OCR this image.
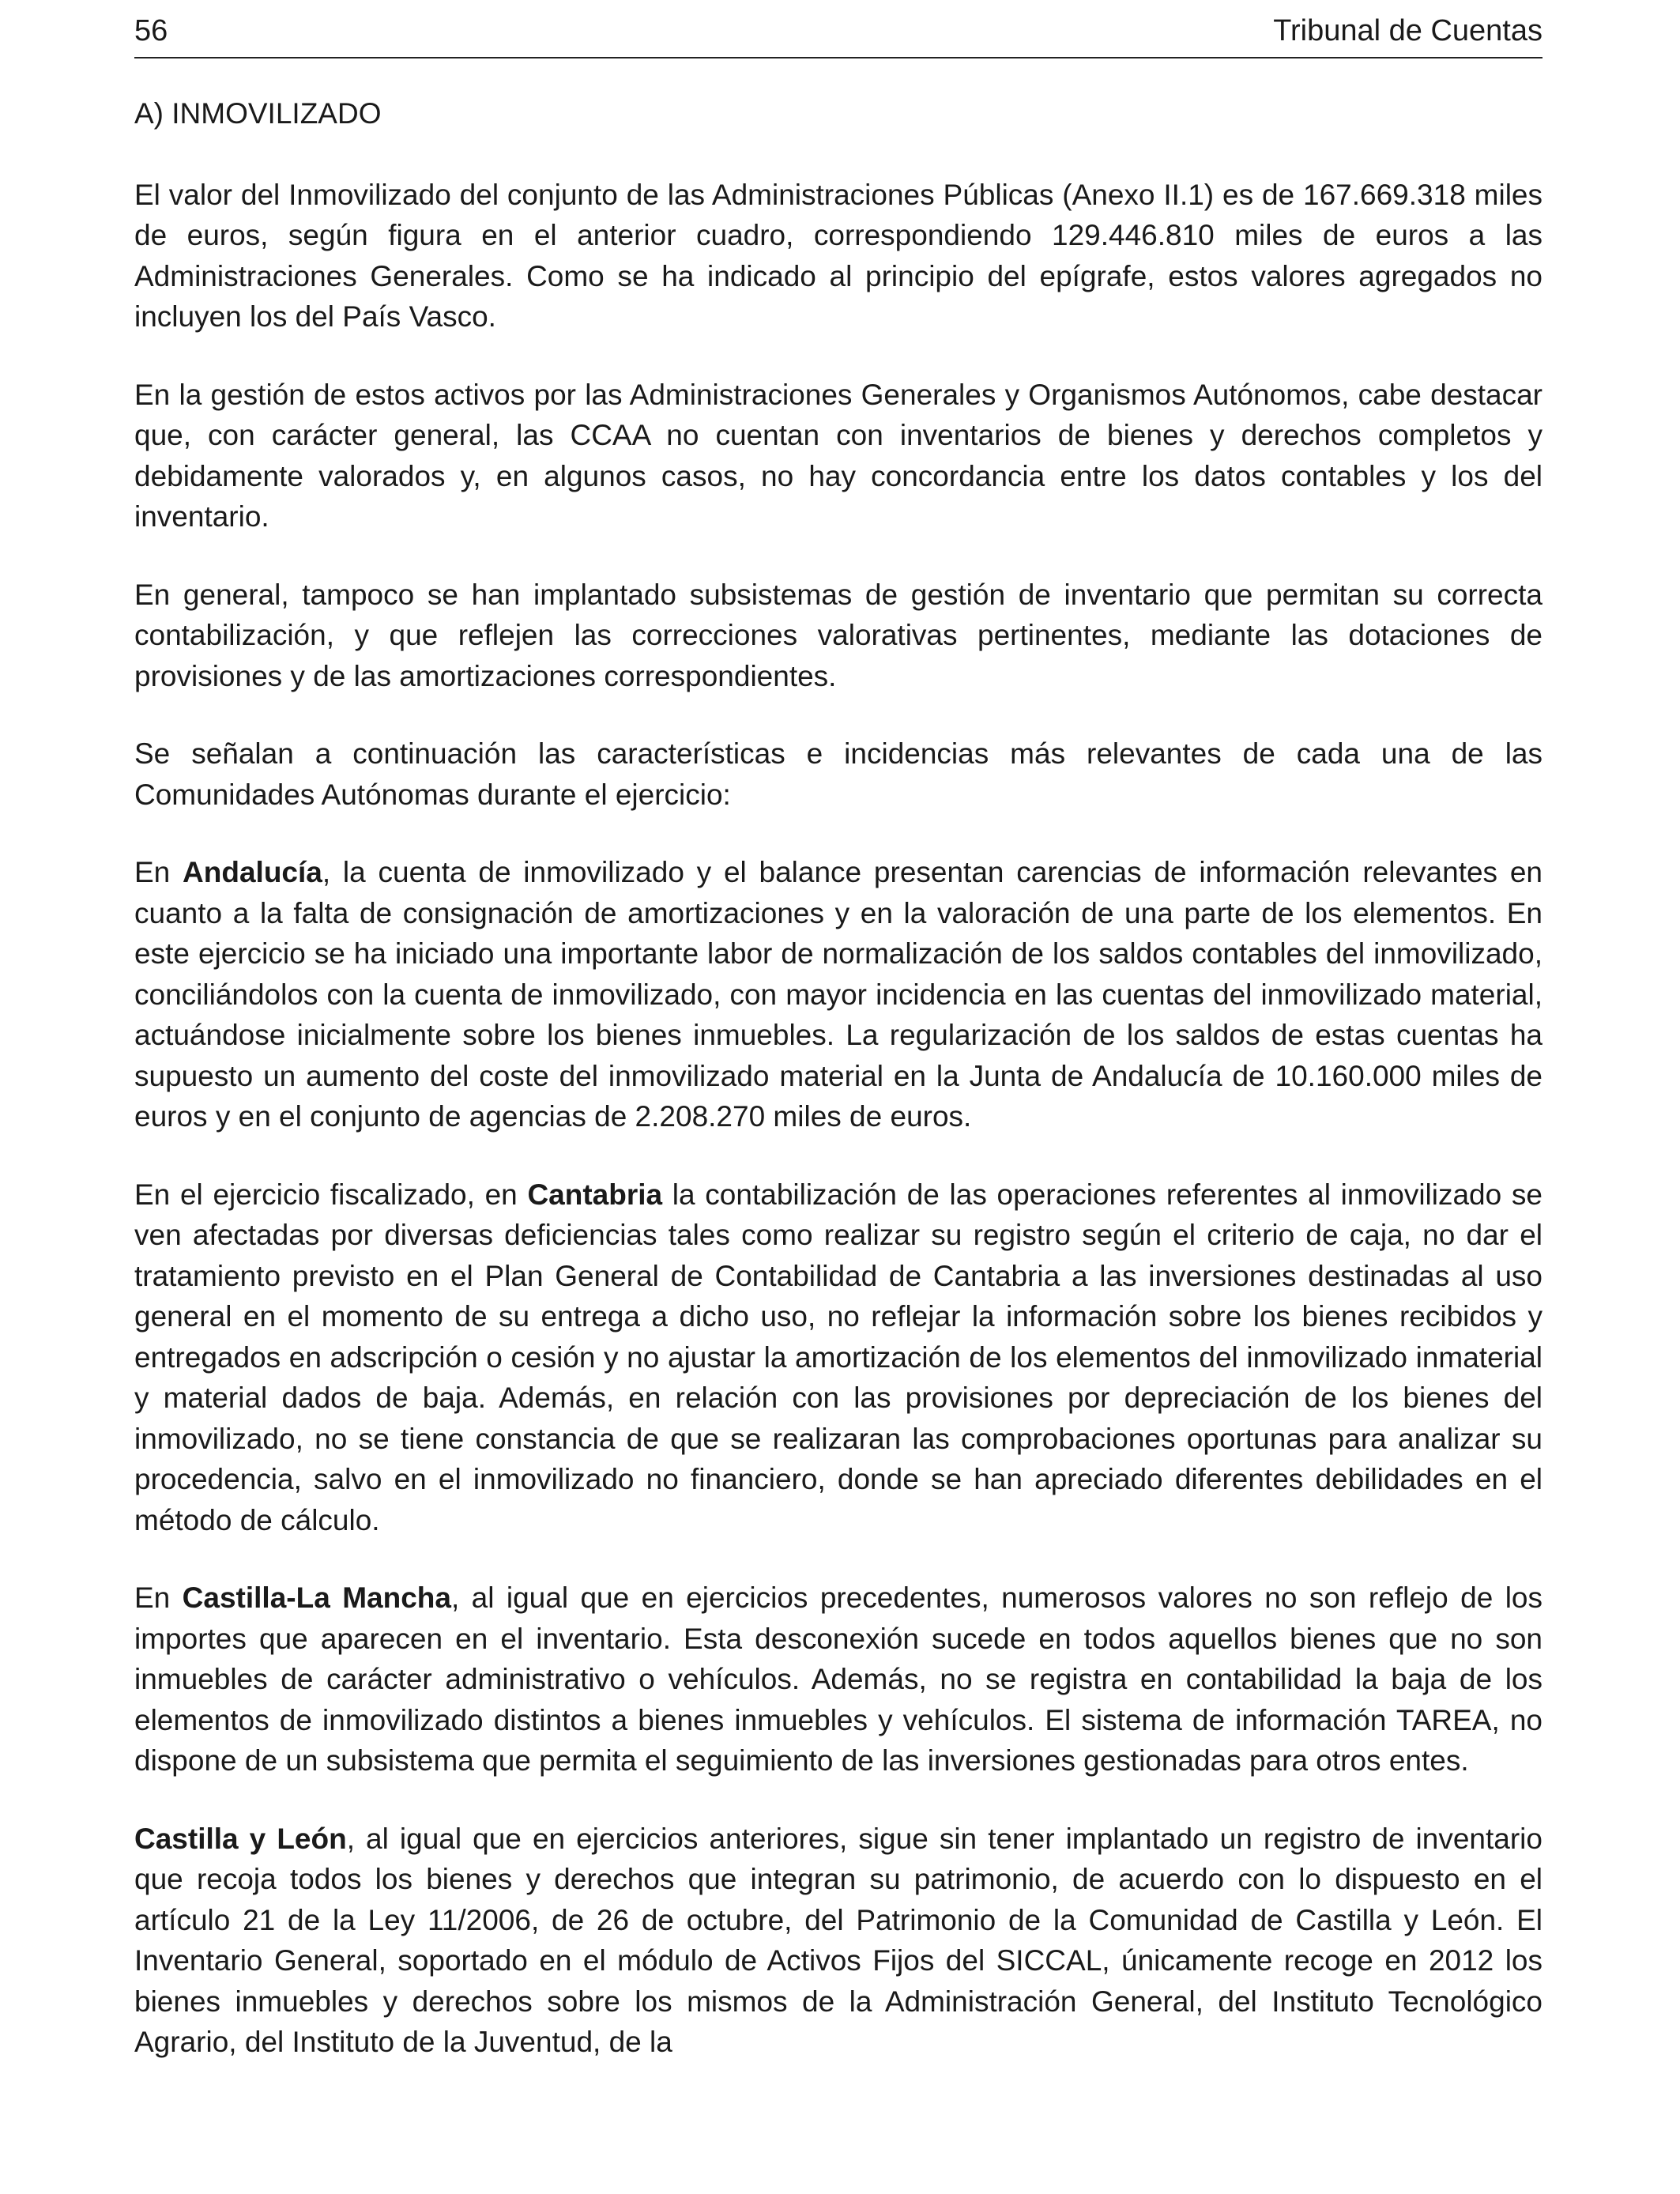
56	Tribunal de Cuentas
A) INMOVILIZADO

El valor del Inmovilizado del conjunto de las Administraciones Públicas (Anexo II.1) es de 167.669.318 miles de euros, según figura en el anterior cuadro, correspondiendo 129.446.810 miles de euros a las Administraciones Generales. Como se ha indicado al principio del epígrafe, estos valores agregados no incluyen los del País Vasco.

En la gestión de estos activos por las Administraciones Generales y Organismos Autónomos, cabe destacar que, con carácter general, las CCAA no cuentan con inventarios de bienes y derechos completos y debidamente valorados y, en algunos casos, no hay concordancia entre los datos contables y los del inventario.

En general, tampoco se han implantado subsistemas de gestión de inventario que permitan su correcta contabilización, y que reflejen las correcciones valorativas pertinentes, mediante las dotaciones de provisiones y de las amortizaciones correspondientes.

Se señalan a continuación las características e incidencias más relevantes de cada una de las Comunidades Autónomas durante el ejercicio:

En Andalucía, la cuenta de inmovilizado y el balance presentan carencias de información relevantes en cuanto a la falta de consignación de amortizaciones y en la valoración de una parte de los elementos. En este ejercicio se ha iniciado una importante labor de normalización de los saldos contables del inmovilizado, conciliándolos con la cuenta de inmovilizado, con mayor incidencia en las cuentas del inmovilizado material, actuándose inicialmente sobre los bienes inmuebles. La regularización de los saldos de estas cuentas ha supuesto un aumento del coste del inmovilizado material en la Junta de Andalucía de 10.160.000 miles de euros y en el conjunto de agencias de 2.208.270 miles de euros.

En el ejercicio fiscalizado, en Cantabria la contabilización de las operaciones referentes al inmovilizado se ven afectadas por diversas deficiencias tales como realizar su registro según el criterio de caja, no dar el tratamiento previsto en el Plan General de Contabilidad de Cantabria a las inversiones destinadas al uso general en el momento de su entrega a dicho uso, no reflejar la información sobre los bienes recibidos y entregados en adscripción o cesión y no ajustar la amortización de los elementos del inmovilizado inmaterial y material dados de baja. Además, en relación con las provisiones por depreciación de los bienes del inmovilizado, no se tiene constancia de que se realizaran las comprobaciones oportunas para analizar su procedencia, salvo en el inmovilizado no financiero, donde se han apreciado diferentes debilidades en el método de cálculo.

En Castilla-La Mancha, al igual que en ejercicios precedentes, numerosos valores no son reflejo de los importes que aparecen en el inventario. Esta desconexión sucede en todos aquellos bienes que no son inmuebles de carácter administrativo o vehículos. Además, no se registra en contabilidad la baja de los elementos de inmovilizado distintos a bienes inmuebles y vehículos. El sistema de información TAREA, no dispone de un subsistema que permita el seguimiento de las inversiones gestionadas para otros entes.

Castilla y León, al igual que en ejercicios anteriores, sigue sin tener implantado un registro de inventario que recoja todos los bienes y derechos que integran su patrimonio, de acuerdo con lo dispuesto en el artículo 21 de la Ley 11/2006, de 26 de octubre, del Patrimonio de la Comunidad de Castilla y León. El Inventario General, soportado en el módulo de Activos Fijos del SICCAL, únicamente recoge en 2012 los bienes inmuebles y derechos sobre los mismos de la Administración General, del Instituto Tecnológico Agrario, del Instituto de la Juventud, de la
